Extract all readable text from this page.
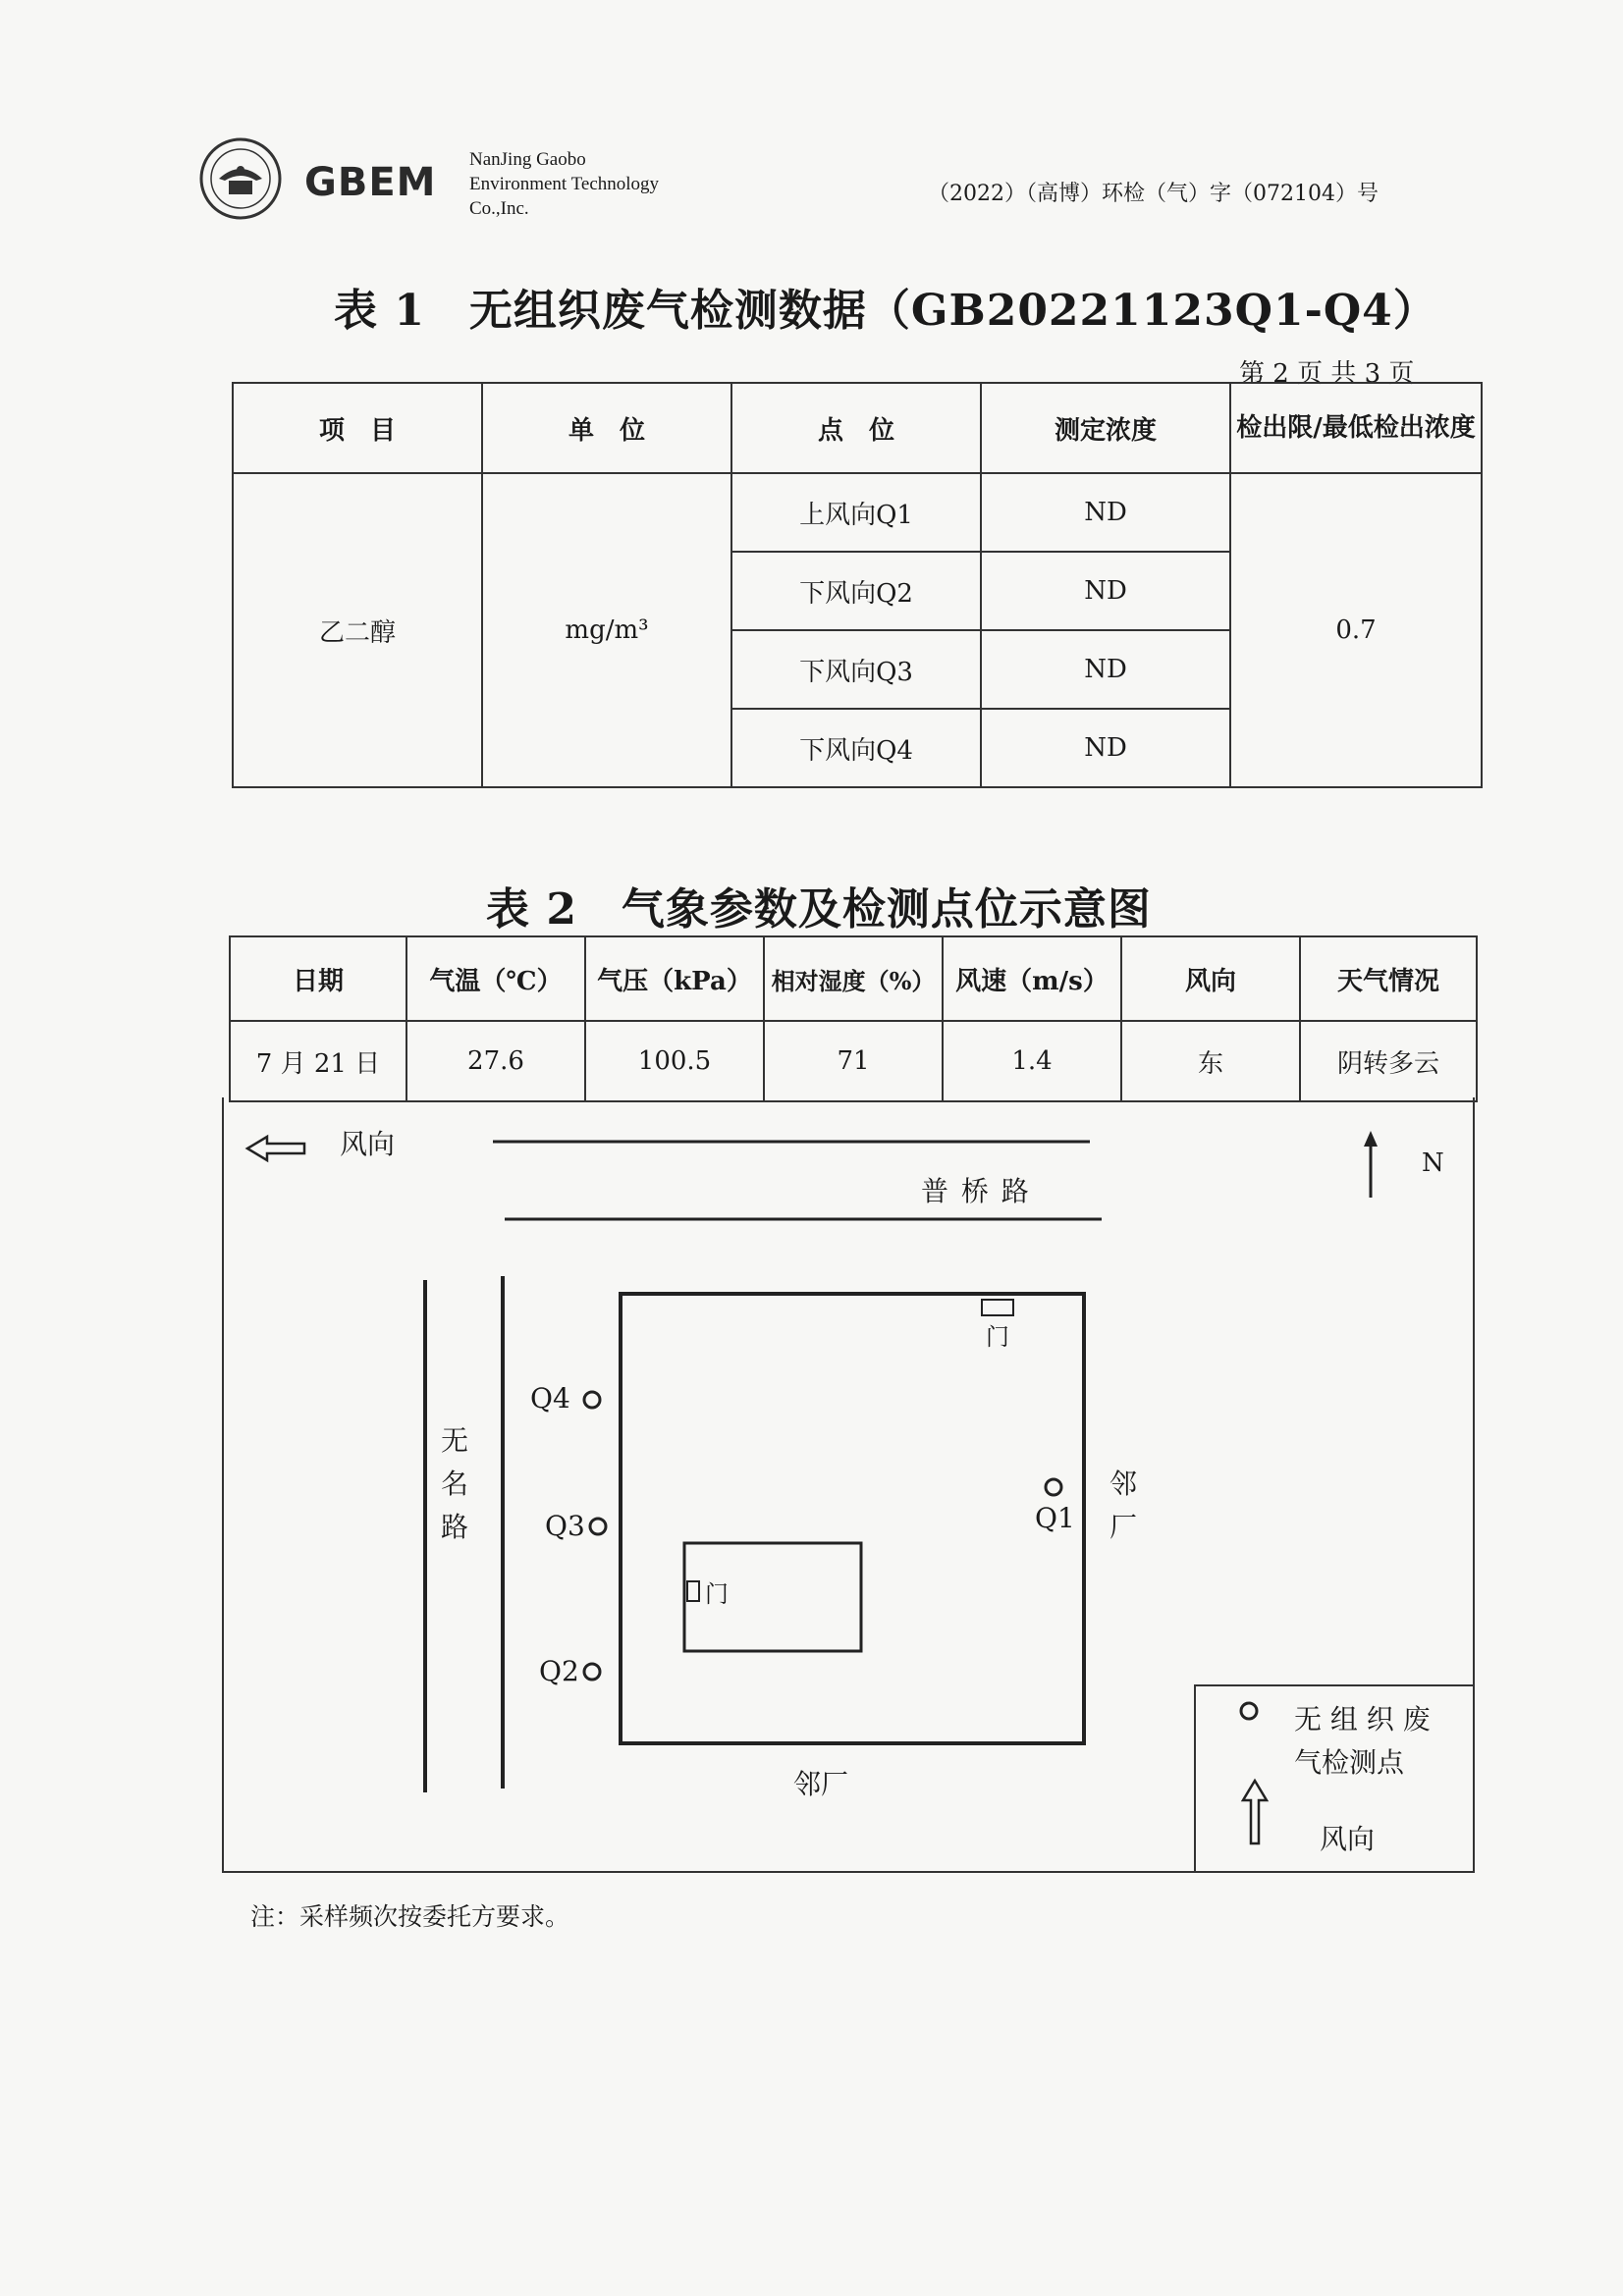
GBEM
NanJing Gaobo
Environment Technology
Co.,Inc.
（2022）（高博）环检（气）字（072104）号
表 1　无组织废气检测数据（GB20221123Q1-Q4）
第 2 页 共 3 页
项　目	单　位	点　位	测定浓度	检出限/最低检出浓度
乙二醇	mg/m³	上风向Q1	ND	0.7
		下风向Q2	ND	
		下风向Q3	ND	
		下风向Q4	ND	
表 2　气象参数及检测点位示意图
日期	气温（℃）	气压（kPa）	相对湿度（%）	风速（m/s）	风向	天气情况
7 月 21 日	27.6	100.5	71	1.4	东	阴转多云
风向
N
普 桥 路
无
名
路
门
门
邻
厂
邻厂
Q1
Q2
Q3
Q4
无 组 织 废
气检测点
风向
注：采样频次按委托方要求。
